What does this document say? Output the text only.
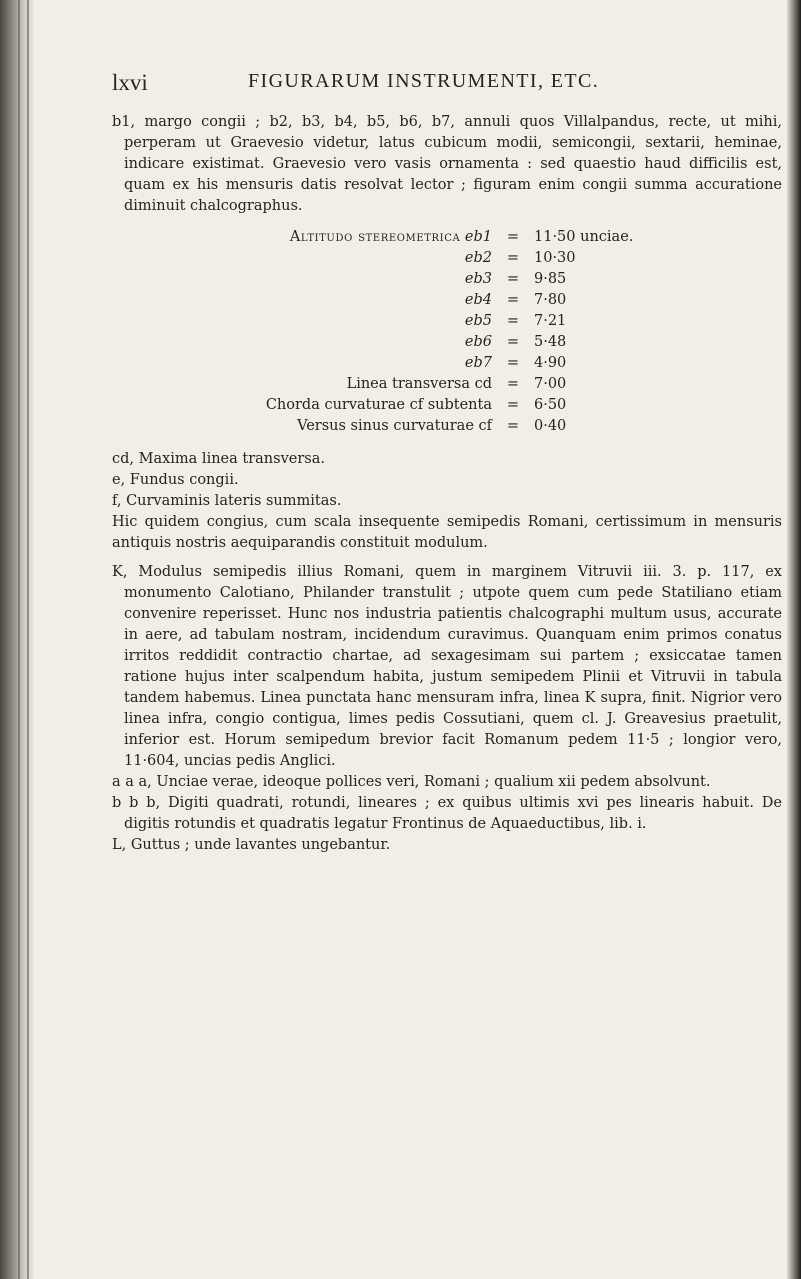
lxvi	FIGURARUM INSTRUMENTI, ETC.

b1, margo congii ; b2, b3, b4, b5, b6, b7, annuli quos Villalpandus, recte, ut mihi, perperam ut Graevesio videtur, latus cubicum modii, semicongii, sextarii, heminae, indicare existimat. Graevesio vero vasis ornamenta : sed quaestio haud difficilis est, quam ex his mensuris datis resolvat lector ; figuram enim congii summa accuratione diminuit chalcographus.

Altitudo stereometrica eb1	=	11·50 unciae.
eb2	=	10·30
eb3	=	9·85
eb4	=	7·80
eb5	=	7·21
eb6	=	5·48
eb7	=	4·90
Linea transversa cd	=	7·00
Chorda curvaturae cf subtenta	=	6·50
Versus sinus curvaturae cf	=	0·40

cd, Maxima linea transversa.

e, Fundus congii.

f, Curvaminis lateris summitas.

Hic quidem congius, cum scala insequente semipedis Romani, certissimum in mensuris antiquis nostris aequiparandis constituit modulum.

K, Modulus semipedis illius Romani, quem in marginem Vitruvii iii. 3. p. 117, ex monumento Calotiano, Philander transtulit ; utpote quem cum pede Statiliano etiam convenire reperisset. Hunc nos industria patientis chalcographi multum usus, accurate in aere, ad tabulam nostram, incidendum curavimus. Quanquam enim primos conatus irritos reddidit contractio chartae, ad sexagesimam sui partem ; exsiccatae tamen ratione hujus inter scalpendum habita, justum semipedem Plinii et Vitruvii in tabula tandem habemus. Linea punctata hanc mensuram infra, linea K supra, finit. Nigrior vero linea infra, congio contigua, limes pedis Cossutiani, quem cl. J. Greavesius praetulit, inferior est. Horum semipedum brevior facit Romanum pedem 11·5 ; longior vero, 11·604, uncias pedis Anglici.

a a a, Unciae verae, ideoque pollices veri, Romani ; qualium xii pedem absolvunt.

b b b, Digiti quadrati, rotundi, lineares ; ex quibus ultimis xvi pes linearis habuit. De digitis rotundis et quadratis legatur Frontinus de Aquaeductibus, lib. i.

L, Guttus ; unde lavantes ungebantur.
